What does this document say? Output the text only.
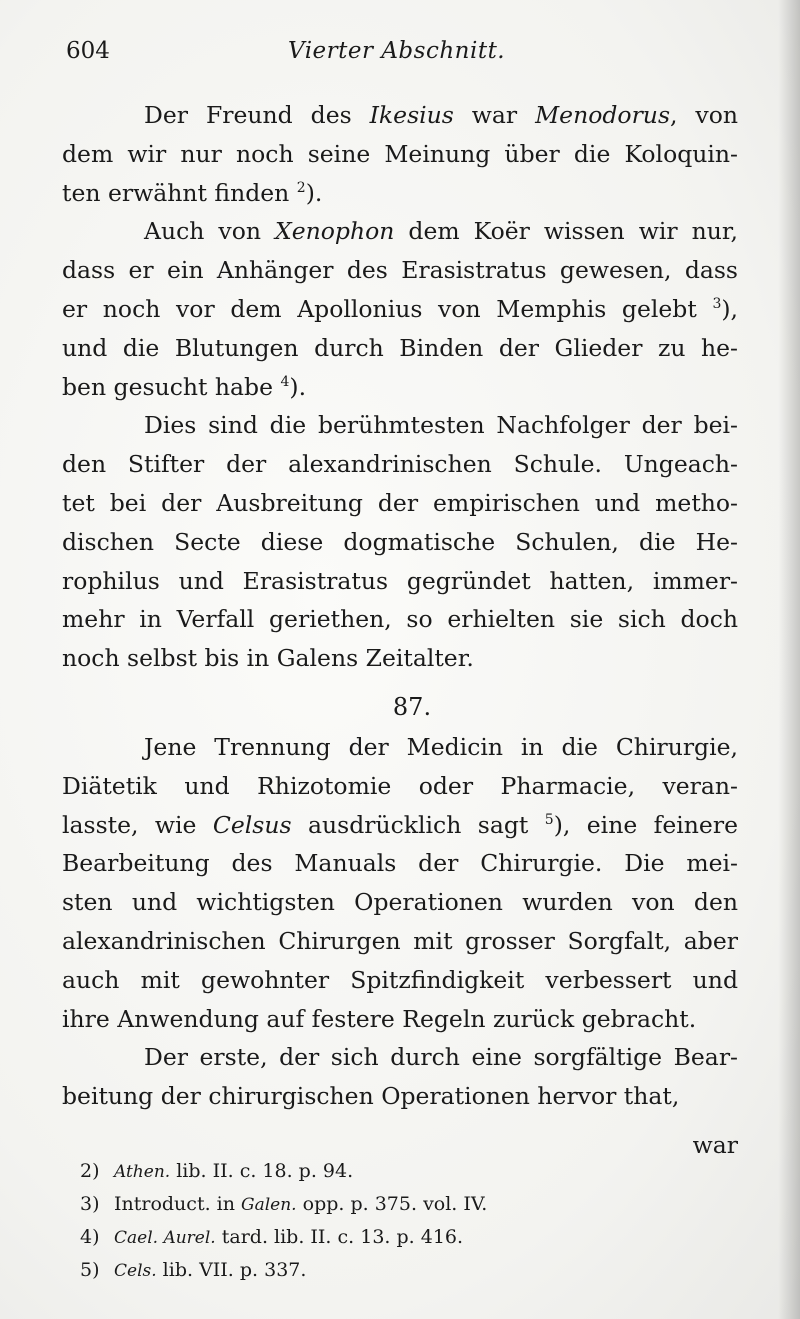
604	Vierter Abschnitt.
Der Freund des Ikesius war Menodorus, von
dem wir nur noch seine Meinung über die Koloquin-
ten erwähnt finden $^2$).
Auch von Xenophon dem Koër wissen wir nur,
dass er ein Anhänger des Erasistratus gewesen, dass
er noch vor dem Apollonius von Memphis gelebt $^3$),
und die Blutungen durch Binden der Glieder zu he-
ben gesucht habe $^4$).
Dies sind die berühmtesten Nachfolger der bei-
den Stifter der alexandrinischen Schule. Ungeach-
tet bei der Ausbreitung der empirischen und metho-
dischen Secte diese dogmatische Schulen, die He-
rophilus und Erasistratus gegründet hatten, immer-
mehr in Verfall geriethen, so erhielten sie sich doch
noch selbst bis in Galens Zeitalter.
87.
Jene Trennung der Medicin in die Chirurgie,
Diätetik und Rhizotomie oder Pharmacie, veran-
lasste, wie Celsus ausdrücklich sagt $^5$), eine feinere
Bearbeitung des Manuals der Chirurgie. Die mei-
sten und wichtigsten Operationen wurden von den
alexandrinischen Chirurgen mit grosser Sorgfalt, aber
auch mit gewohnter Spitzfindigkeit verbessert und
ihre Anwendung auf festere Regeln zurück gebracht.
Der erste, der sich durch eine sorgfältige Bear-
beitung der chirurgischen Operationen hervor that,
war
2) Athen. lib. II. c. 18. p. 94.
3) Introduct. in Galen. opp. p. 375. vol. IV.
4) Cael. Aurel. tard. lib. II. c. 13. p. 416.
5) Cels. lib. VII. p. 337.
